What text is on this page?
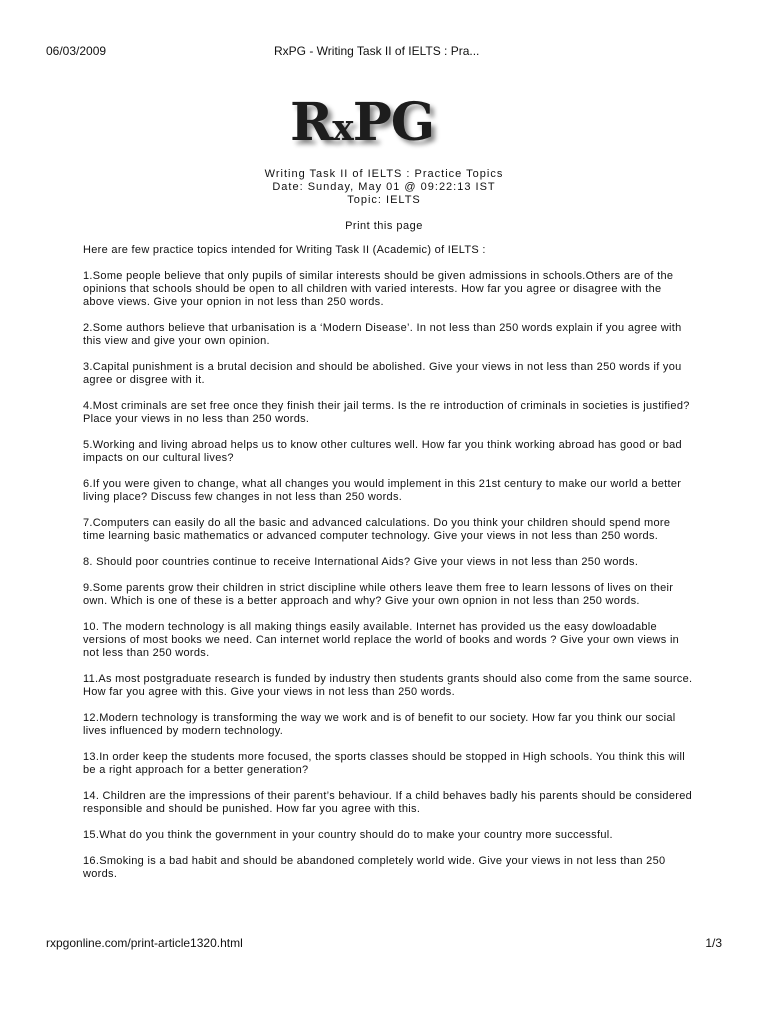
06/03/2009	RxPG - Writing Task II of IELTS : Pra...
RxPG
Writing Task II of IELTS : Practice Topics
Date: Sunday, May 01 @ 09:22:13 IST
Topic: IELTS
Print this page

Here are few practice topics intended for Writing Task II (Academic) of IELTS :

1.Some people believe that only pupils of similar interests should be given admissions in schools.Others are of the opinions that schools should be open to all children with varied interests. How far you agree or disagree with the above views. Give your opnion in not less than 250 words.

2.Some authors believe that urbanisation is a ‘Modern Disease’. In not less than 250 words explain if you agree with this view and give your own opinion.

3.Capital punishment is a brutal decision and should be abolished. Give your views in not less than 250 words if you agree or disgree with it.

4.Most criminals are set free once they finish their jail terms. Is the re introduction of criminals in societies is justified? Place your views in no less than 250 words.

5.Working and living abroad helps us to know other cultures well. How far you think working abroad has good or bad impacts on our cultural lives?

6.If you were given to change, what all changes you would implement in this 21st century to make our world a better living place? Discuss few changes in not less than 250 words.

7.Computers can easily do all the basic and advanced calculations. Do you think your children should spend more time learning basic mathematics or advanced computer technology. Give your views in not less than 250 words.

8. Should poor countries continue to receive International Aids? Give your views in not less than 250 words.

9.Some parents grow their children in strict discipline while others leave them free to learn lessons of lives on their own. Which is one of these is a better approach and why? Give your own opnion in not less than 250 words.

10. The modern technology is all making things easily available. Internet has provided us the easy dowloadable versions of most books we need. Can internet world replace the world of books and words ? Give your own views in not less than 250 words.

11.As most postgraduate research is funded by industry then students grants should also come from the same source. How far you agree with this. Give your views in not less than 250 words.

12.Modern technology is transforming the way we work and is of benefit to our society. How far you think our social lives influenced by modern technology.

13.In order keep the students more focused, the sports classes should be stopped in High schools. You think this will be a right approach for a better generation?

14. Children are the impressions of their parent’s behaviour. If a child behaves badly his parents should be considered responsible and should be punished. How far you agree with this.

15.What do you think the government in your country should do to make your country more successful.

16.Smoking is a bad habit and should be abandoned completely world wide. Give your views in not less than 250 words.

rxpgonline.com/print-article1320.html	1/3
